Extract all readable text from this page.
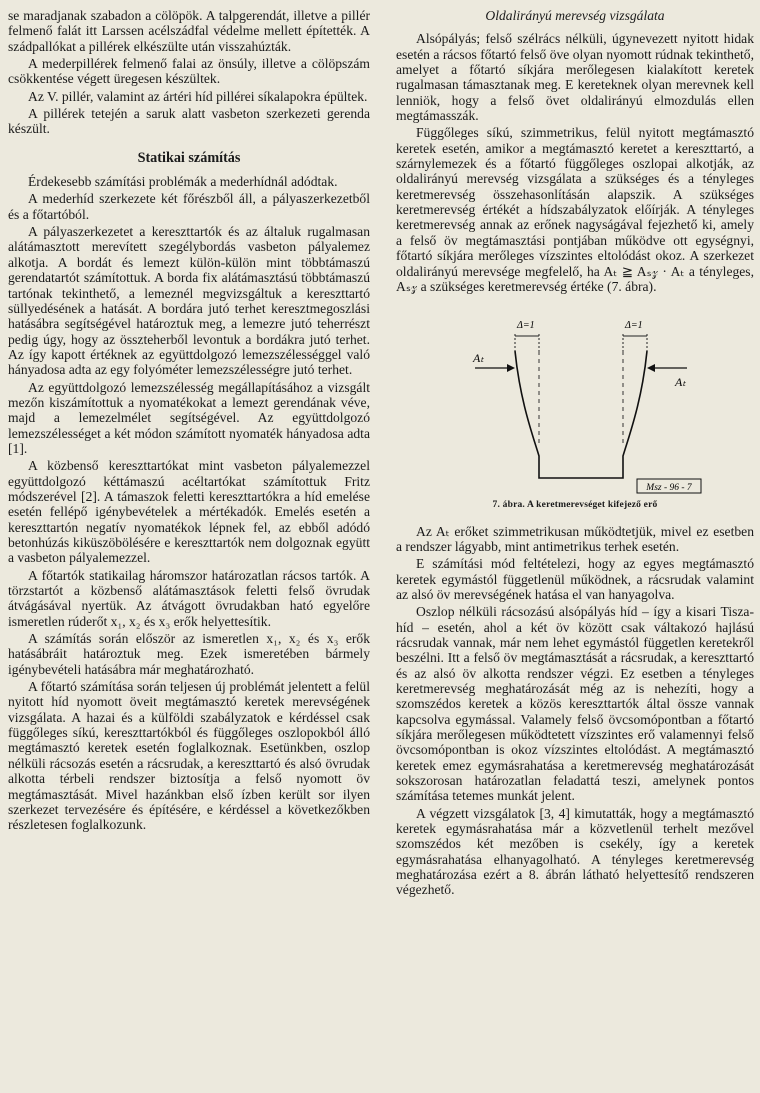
se maradjanak szabadon a cölöpök. A talpgerendát, illetve a pillér felmenő falát itt Larssen acélszádfal védelme mellett építették. A szádpallókat a pillérek elkészülte után visszahúzták.

A mederpillérek felmenő falai az önsúly, illetve a cölöpszám csökkentése végett üregesen készültek.

Az V. pillér, valamint az ártéri híd pillérei síkalapokra épültek.

A pillérek tetején a saruk alatt vasbeton szerkezeti gerenda készült.

Statikai számítás

Érdekesebb számítási problémák a mederhídnál adódtak.

A mederhíd szerkezete két főrészből áll, a pályaszerkezetből és a főtartóból.

A pályaszerkezetet a kereszttartók és az általuk rugalmasan alátámasztott merevített szegélybordás vasbeton pályalemez alkotja. A bordát és lemezt külön-külön mint többtámaszú gerendatartót számítottuk. A borda fix alátámasztású többtámaszú tartónak tekinthető, a lemeznél megvizsgáltuk a kereszttartó süllyedésének a hatását. A bordára jutó terhet keresztmegoszlási hatásábra segítségével határoztuk meg, a lemezre jutó teherrészt pedig úgy, hogy az összteherből levontuk a bordákra jutó terhet. Az így kapott értéknek az együttdolgozó lemezszélességgel való hányadosa adta az egy folyóméter lemezszélességre jutó terhet.

Az együttdolgozó lemezszélesség megállapításához a vizsgált mezőn kiszámítottuk a nyomatékokat a lemezt gerendának véve, majd a lemezelmélet segítségével. Az együttdolgozó lemezszélességet a két módon számított nyomaték hányadosa adta [1].

A közbenső kereszttartókat mint vasbeton pályalemezzel együttdolgozó kéttámaszú acéltartókat számítottuk Fritz módszerével [2]. A támaszok feletti kereszttartókra a híd emelése esetén fellépő igénybevételek a mértékadók. Emelés esetén a kereszttartón negatív nyomatékok lépnek fel, az ebből adódó betonhúzás kiküszöbölésére e kereszttartók nem dolgoznak együtt a vasbeton pályalemezzel.

A főtartók statikailag háromszor határozatlan rácsos tartók. A törzstartót a közbenső alátámasztások feletti felső övrudak átvágásával nyertük. Az átvágott övrudakban ható egyelőre ismeretlen rúderőt x₁, x₂ és x₃ erők helyettesítik.

A számítás során először az ismeretlen x₁, x₂ és x₃ erők hatásábráit határoztuk meg. Ezek ismeretében bármely igénybevételi hatásábra már meghatározható.

A főtartó számítása során teljesen új problémát jelentett a felül nyitott híd nyomott öveit megtámasztó keretek merevségének vizsgálata. A hazai és a külföldi szabályzatok e kérdéssel csak függőleges síkú, kereszttartókból és függőleges oszlopokból álló megtámasztó keretek esetén foglalkoznak. Esetünkben, oszlop nélküli rácsozás esetén a rácsrudak, a kereszttartó és alsó övrudak alkotta térbeli rendszer biztosítja a felső nyomott öv megtámasztását. Mivel hazánkban első ízben került sor ilyen szerkezet tervezésére és építésére, e kérdéssel a következőkben részletesen foglalkozunk.

Oldalirányú merevség vizsgálata

Alsópályás; felső szélrács nélküli, úgynevezett nyitott hidak esetén a rácsos főtartó felső öve olyan nyomott rúdnak tekinthető, amelyet a főtartó síkjára merőlegesen kialakított keretek rugalmasan támasztanak meg. E kereteknek olyan merevnek kell lenniök, hogy a felső övet oldalirányú elmozdulás ellen megtámasszák.

Függőleges síkú, szimmetrikus, felül nyitott megtámasztó keretek esetén, amikor a megtámasztó keretet a kereszttartó, a szárnylemezek és a főtartó függőleges oszlopai alkotják, az oldalirányú merevség vizsgálata a szükséges és a tényleges keretmerevség összehasonlításán alapszik. A szükséges keretmerevség értékét a hídszabályzatok előírják. A tényleges keretmerevség annak az erőnek nagyságával fejezhető ki, amely a felső öv megtámasztási pontjában működve ott egységnyi, főtartó síkjára merőleges vízszintes eltolódást okoz. A szerkezet oldalirányú merevsége megfelelő, ha Aₜ ≧ Aₛ𝓏 · Aₜ a tényleges, Aₛ𝓏 a szükséges keretmerevség értéke (7. ábra).

Δ=1	Δ=1
Aₜ
Aₜ
Msz - 96 - 7
7. ábra. A keretmerevséget kifejező erő

Az Aₜ erőket szimmetrikusan működtetjük, mivel ez esetben a rendszer lágyabb, mint antimetrikus terhek esetén.

E számítási mód feltételezi, hogy az egyes megtámasztó keretek egymástól függetlenül működnek, a rácsrudak valamint az alsó öv merevségének hatása el van hanyagolva.

Oszlop nélküli rácsozású alsópályás híd – így a kisari Tisza-híd – esetén, ahol a két öv között csak váltakozó hajlású rácsrudak vannak, már nem lehet egymástól független keretekről beszélni. Itt a felső öv megtámasztását a rácsrudak, a kereszttartó és az alsó öv alkotta rendszer végzi. Ez esetben a tényleges keretmerevség meghatározását még az is nehezíti, hogy a szomszédos keretek a közös kereszttartók által össze vannak kapcsolva egymással. Valamely felső övcsomópontban a főtartó síkjára merőlegesen működtetett vízszintes erő valamennyi felső övcsomópontban is okoz vízszintes eltolódást. A megtámasztó keretek emez egymásrahatása a keretmerevség meghatározását sokszorosan határozatlan feladattá teszi, amelynek pontos számítása tetemes munkát jelent.

A végzett vizsgálatok [3, 4] kimutatták, hogy a megtámasztó keretek egymásrahatása már a közvetlenül terhelt mezővel szomszédos két mezőben is csekély, így a keretek egymásrahatása elhanyagolható. A tényleges keretmerevség meghatározása ezért a 8. ábrán látható helyettesítő rendszeren végezhető.
